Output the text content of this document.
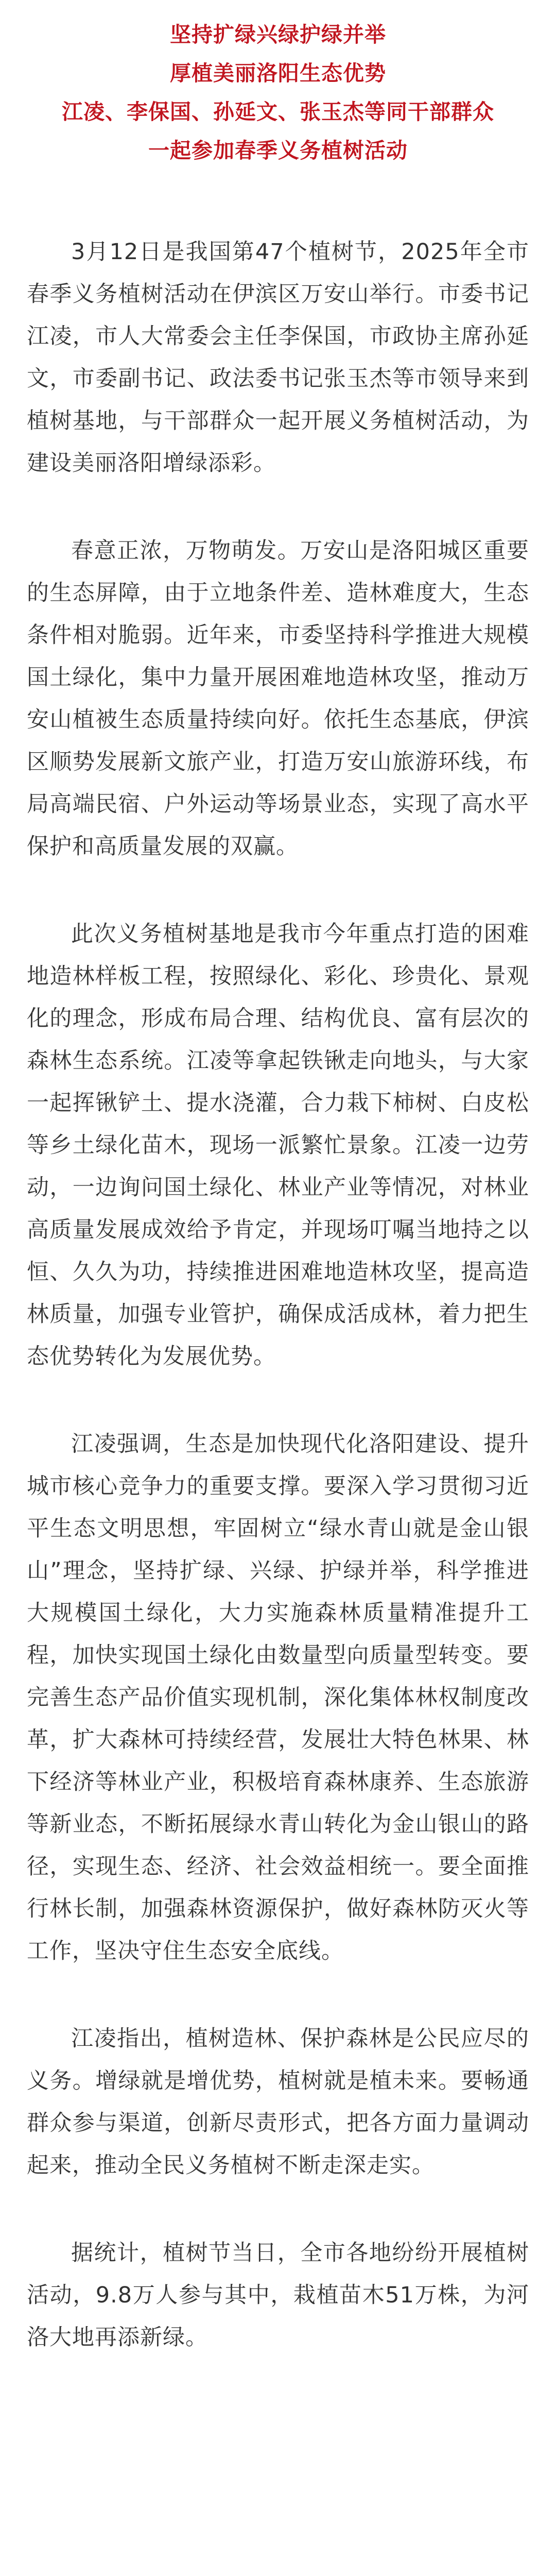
坚持扩绿兴绿护绿并举
厚植美丽洛阳生态优势
江凌、李保国、孙延文、张玉杰等同干部群众
一起参加春季义务植树活动

3月12日是我国第47个植树节，2025年全市春季义务植树活动在伊滨区万安山举行。市委书记江凌，市人大常委会主任李保国，市政协主席孙延文，市委副书记、政法委书记张玉杰等市领导来到植树基地，与干部群众一起开展义务植树活动，为建设美丽洛阳增绿添彩。

春意正浓，万物萌发。万安山是洛阳城区重要的生态屏障，由于立地条件差、造林难度大，生态条件相对脆弱。近年来，市委坚持科学推进大规模国土绿化，集中力量开展困难地造林攻坚，推动万安山植被生态质量持续向好。依托生态基底，伊滨区顺势发展新文旅产业，打造万安山旅游环线，布局高端民宿、户外运动等场景业态，实现了高水平保护和高质量发展的双赢。

此次义务植树基地是我市今年重点打造的困难地造林样板工程，按照绿化、彩化、珍贵化、景观化的理念，形成布局合理、结构优良、富有层次的森林生态系统。江凌等拿起铁锹走向地头，与大家一起挥锹铲土、提水浇灌，合力栽下柿树、白皮松等乡土绿化苗木，现场一派繁忙景象。江凌一边劳动，一边询问国土绿化、林业产业等情况，对林业高质量发展成效给予肯定，并现场叮嘱当地持之以恒、久久为功，持续推进困难地造林攻坚，提高造林质量，加强专业管护，确保成活成林，着力把生态优势转化为发展优势。

江凌强调，生态是加快现代化洛阳建设、提升城市核心竞争力的重要支撑。要深入学习贯彻习近平生态文明思想，牢固树立“绿水青山就是金山银山”理念，坚持扩绿、兴绿、护绿并举，科学推进大规模国土绿化，大力实施森林质量精准提升工程，加快实现国土绿化由数量型向质量型转变。要完善生态产品价值实现机制，深化集体林权制度改革，扩大森林可持续经营，发展壮大特色林果、林下经济等林业产业，积极培育森林康养、生态旅游等新业态，不断拓展绿水青山转化为金山银山的路径，实现生态、经济、社会效益相统一。要全面推行林长制，加强森林资源保护，做好森林防灭火等工作，坚决守住生态安全底线。

江凌指出，植树造林、保护森林是公民应尽的义务。增绿就是增优势，植树就是植未来。要畅通群众参与渠道，创新尽责形式，把各方面力量调动起来，推动全民义务植树不断走深走实。

据统计，植树节当日，全市各地纷纷开展植树活动，9.8万人参与其中，栽植苗木51万株，为河洛大地再添新绿。
